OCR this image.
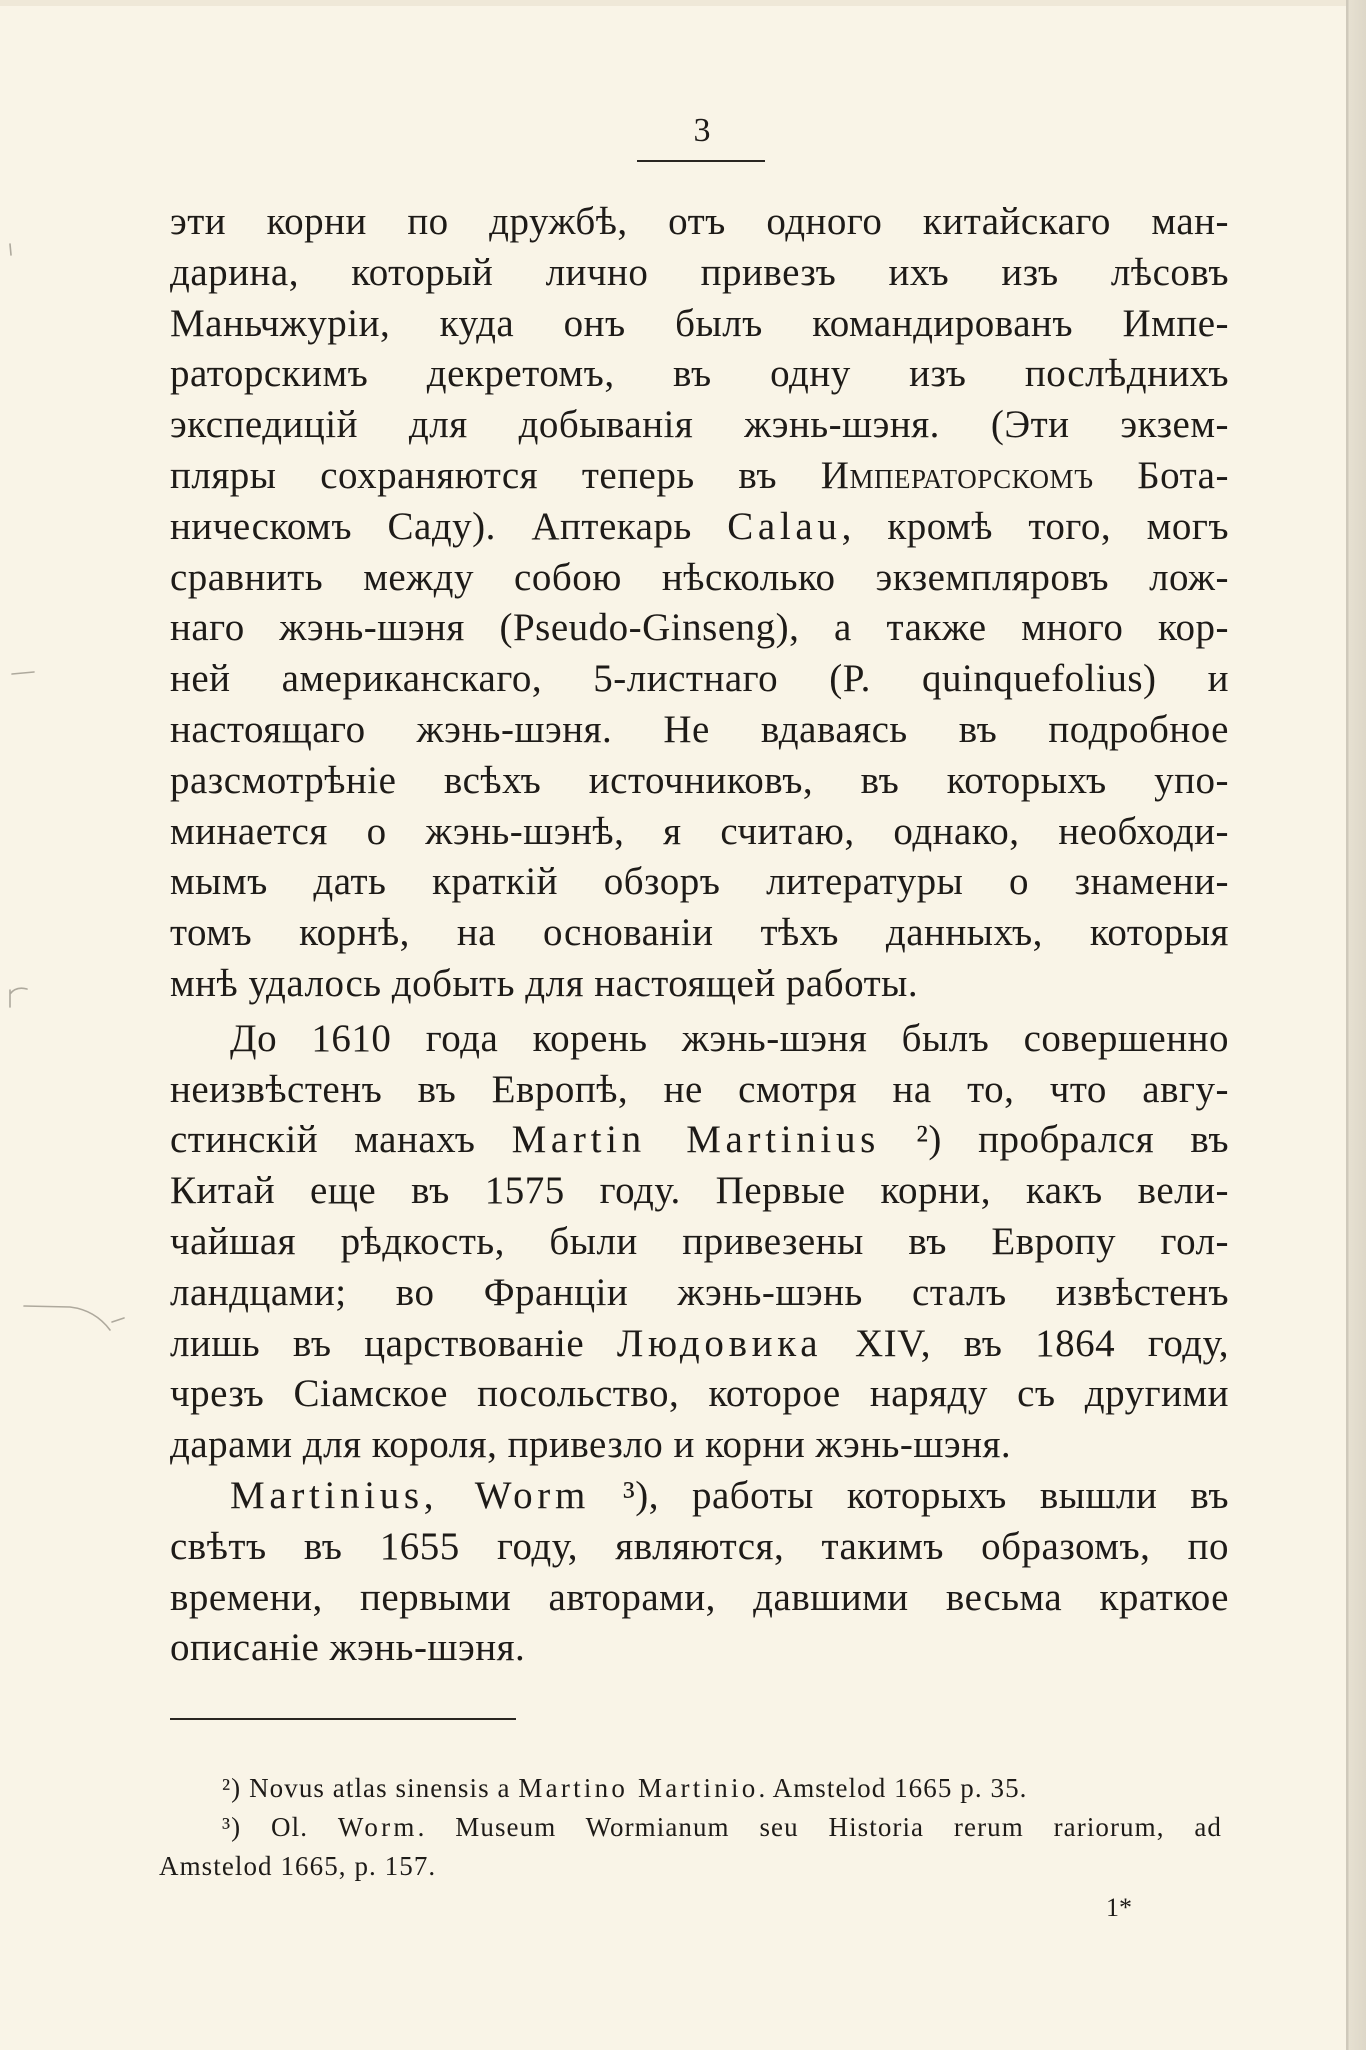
3
эти корни по дружбѣ, отъ одного китайскаго ман-
дарина, который лично привезъ ихъ изъ лѣсовъ
Маньчжуріи, куда онъ былъ командированъ Импе-
раторскимъ декретомъ, въ одну изъ послѣднихъ
экспедицій для добыванія жэнь-шэня. (Эти экзем-
пляры сохраняются теперь въ Императорскомъ Бота-
ническомъ Саду). Аптекарь Calau, кромѣ того, могъ
сравнить между собою нѣсколько экземпляровъ лож-
наго жэнь-шэня (Pseudo-Ginseng), а также много кор-
ней американскаго, 5-листнаго (P. quinquefolius) и
настоящаго жэнь-шэня. Не вдаваясь въ подробное
разсмотрѣніе всѣхъ источниковъ, въ которыхъ упо-
минается о жэнь-шэнѣ, я считаю, однако, необходи-
мымъ дать краткій обзоръ литературы о знамени-
томъ корнѣ, на основаніи тѣхъ данныхъ, которыя
мнѣ удалось добыть для настоящей работы.
До 1610 года корень жэнь-шэня былъ совершенно
неизвѣстенъ въ Европѣ, не смотря на то, что авгу-
стинскій манахъ Martin Martinius ²) пробрался въ
Китай еще въ 1575 году. Первые корни, какъ вели-
чайшая рѣдкость, были привезены въ Европу гол-
ландцами; во Франціи жэнь-шэнь сталъ извѣстенъ
лишь въ царствованіе Людовика XIV, въ 1864 году,
чрезъ Сіамское посольство, которое наряду съ другими
дарами для короля, привезло и корни жэнь-шэня.
Martinius, Worm ³), работы которыхъ вышли въ
свѣтъ въ 1655 году, являются, такимъ образомъ, по
времени, первыми авторами, давшими весьма краткое
описаніе жэнь-шэня.
²) Novus atlas sinensis a Martino Martinio. Amstelod 1665 p. 35.
³) Ol. Worm. Museum Wormianum seu Historia rerum rariorum, ad
Amstelod 1665, p. 157.
1*
